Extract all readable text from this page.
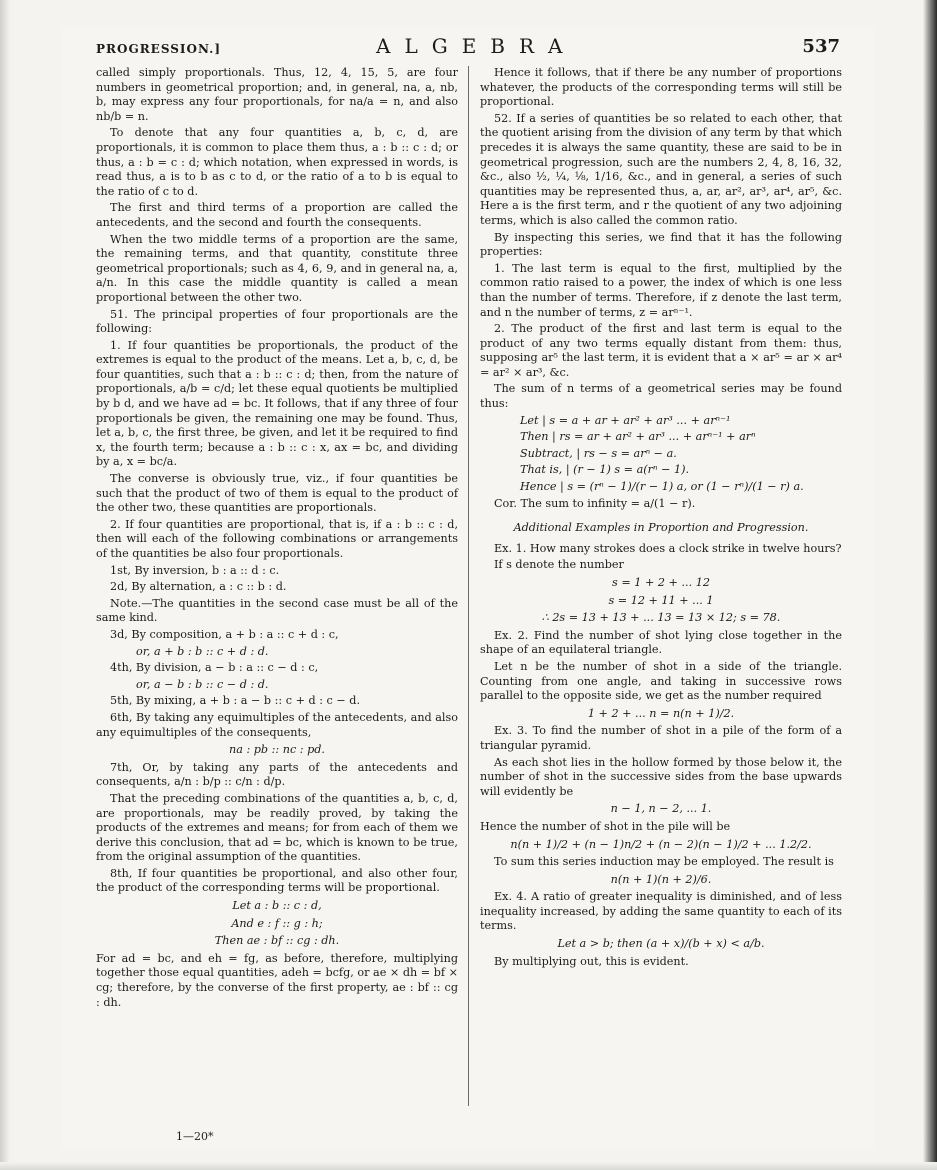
PROGRESSION.]	ALGEBRA	537

called simply proportionals. Thus, 12, 4, 15, 5, are four numbers in geometrical proportion; and, in general, na, a, nb, b, may express any four proportionals, for na/a = n, and also nb/b = n.

To denote that any four quantities a, b, c, d, are proportionals, it is common to place them thus, a : b :: c : d; or thus, a : b = c : d; which notation, when expressed in words, is read thus, a is to b as c to d, or the ratio of a to b is equal to the ratio of c to d.

The first and third terms of a proportion are called the antecedents, and the second and fourth the consequents.

When the two middle terms of a proportion are the same, the remaining terms, and that quantity, constitute three geometrical proportionals; such as 4, 6, 9, and in general na, a, a/n. In this case the middle quantity is called a mean proportional between the other two.

51. The principal properties of four proportionals are the following:

1. If four quantities be proportionals, the product of the extremes is equal to the product of the means. Let a, b, c, d, be four quantities, such that a : b :: c : d; then, from the nature of proportionals, a/b = c/d; let these equal quotients be multiplied by b d, and we have ad = bc. It follows, that if any three of four proportionals be given, the remaining one may be found. Thus, let a, b, c, the first three, be given, and let it be required to find x, the fourth term; because a : b :: c : x, ax = bc, and dividing by a, x = bc/a.

The converse is obviously true, viz., if four quantities be such that the product of two of them is equal to the product of the other two, these quantities are proportionals.

2. If four quantities are proportional, that is, if a : b :: c : d, then will each of the following combinations or arrangements of the quantities be also four proportionals.

1st, By inversion, b : a :: d : c.

2d, By alternation, a : c :: b : d.

Note.—The quantities in the second case must be all of the same kind.

3d, By composition, a + b : a :: c + d : c,

or, a + b : b :: c + d : d.

4th, By division, a − b : a :: c − d : c,

or, a − b : b :: c − d : d.

5th, By mixing, a + b : a − b :: c + d : c − d.

6th, By taking any equimultiples of the antecedents, and also any equimultiples of the consequents,

na : pb :: nc : pd.

7th, Or, by taking any parts of the antecedents and consequents, a/n : b/p :: c/n : d/p.

That the preceding combinations of the quantities a, b, c, d, are proportionals, may be readily proved, by taking the products of the extremes and means; for from each of them we derive this conclusion, that ad = bc, which is known to be true, from the original assumption of the quantities.

8th, If four quantities be proportional, and also other four, the product of the corresponding terms will be proportional.

Let a : b :: c : d,

And e : f :: g : h;

Then ae : bf :: cg : dh.

For ad = bc, and eh = fg, as before, therefore, multiplying together those equal quantities, adeh = bcfg, or ae × dh = bf × cg; therefore, by the converse of the first property, ae : bf :: cg : dh.

1—20*

Hence it follows, that if there be any number of proportions whatever, the products of the corresponding terms will still be proportional.

52. If a series of quantities be so related to each other, that the quotient arising from the division of any term by that which precedes it is always the same quantity, these are said to be in geometrical progression, such are the numbers 2, 4, 8, 16, 32, &c., also ½, ¼, ⅛, 1/16, &c., and in general, a series of such quantities may be represented thus, a, ar, ar², ar³, ar⁴, ar⁵, &c. Here a is the first term, and r the quotient of any two adjoining terms, which is also called the common ratio.

By inspecting this series, we find that it has the following properties:

1. The last term is equal to the first, multiplied by the common ratio raised to a power, the index of which is one less than the number of terms. Therefore, if z denote the last term, and n the number of terms, z = arⁿ⁻¹.

2. The product of the first and last term is equal to the product of any two terms equally distant from them: thus, supposing ar⁵ the last term, it is evident that a × ar⁵ = ar × ar⁴ = ar² × ar³, &c.

The sum of n terms of a geometrical series may be found thus:

Let | s = a + ar + ar² + ar³ ... + arⁿ⁻¹

Then | rs = ar + ar² + ar³ ... + arⁿ⁻¹ + arⁿ

Subtract, | rs − s = arⁿ − a.

That is, | (r − 1) s = a(rⁿ − 1).

Hence | s = (rⁿ − 1)/(r − 1) a, or (1 − rⁿ)/(1 − r) a.

Cor. The sum to infinity = a/(1 − r).

Additional Examples in Proportion and Progression.

Ex. 1. How many strokes does a clock strike in twelve hours?

If s denote the number

s = 1 + 2 + ... 12

s = 12 + 11 + ... 1

∴ 2s = 13 + 13 + ... 13 = 13 × 12; s = 78.

Ex. 2. Find the number of shot lying close together in the shape of an equilateral triangle.

Let n be the number of shot in a side of the triangle. Counting from one angle, and taking in successive rows parallel to the opposite side, we get as the number required

1 + 2 + ... n = n(n + 1)/2.

Ex. 3. To find the number of shot in a pile of the form of a triangular pyramid.

As each shot lies in the hollow formed by those below it, the number of shot in the successive sides from the base upwards will evidently be

n − 1, n − 2, ... 1.

Hence the number of shot in the pile will be

n(n + 1)/2 + (n − 1)n/2 + (n − 2)(n − 1)/2 + ... 1.2/2.

To sum this series induction may be employed. The result is

n(n + 1)(n + 2)/6.

Ex. 4. A ratio of greater inequality is diminished, and of less inequality increased, by adding the same quantity to each of its terms.

Let a > b; then (a + x)/(b + x) < a/b.

By multiplying out, this is evident.
